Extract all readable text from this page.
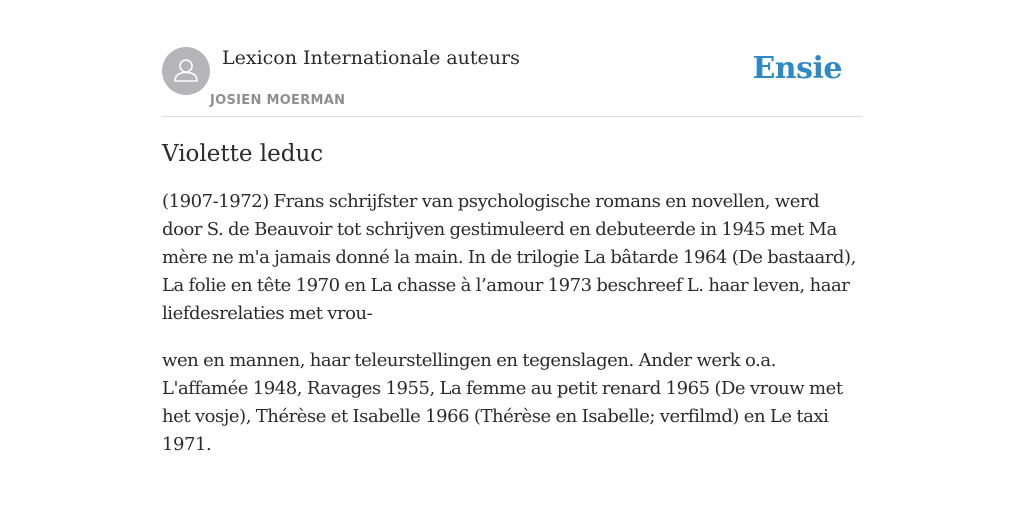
Lexicon Internationale auteurs
JOSIEN MOERMAN
Ensie
Violette leduc

(1907-1972) Frans schrijfster van psychologische romans en novellen, werd door S. de Beauvoir tot schrijven gestimuleerd en debuteerde in 1945 met Ma mère ne m'a jamais donné la main. In de trilogie La bâtarde 1964 (De bastaard), La folie en tête 1970 en La chasse à l’amour 1973 beschreef L. haar leven, haar liefdesrelaties met vrou-

wen en mannen, haar teleurstellingen en tegenslagen. Ander werk o.a. L'affamée 1948, Ravages 1955, La femme au petit renard 1965 (De vrouw met het vosje), Thérèse et Isabelle 1966 (Thérèse en Isabelle; verfilmd) en Le taxi 1971.
